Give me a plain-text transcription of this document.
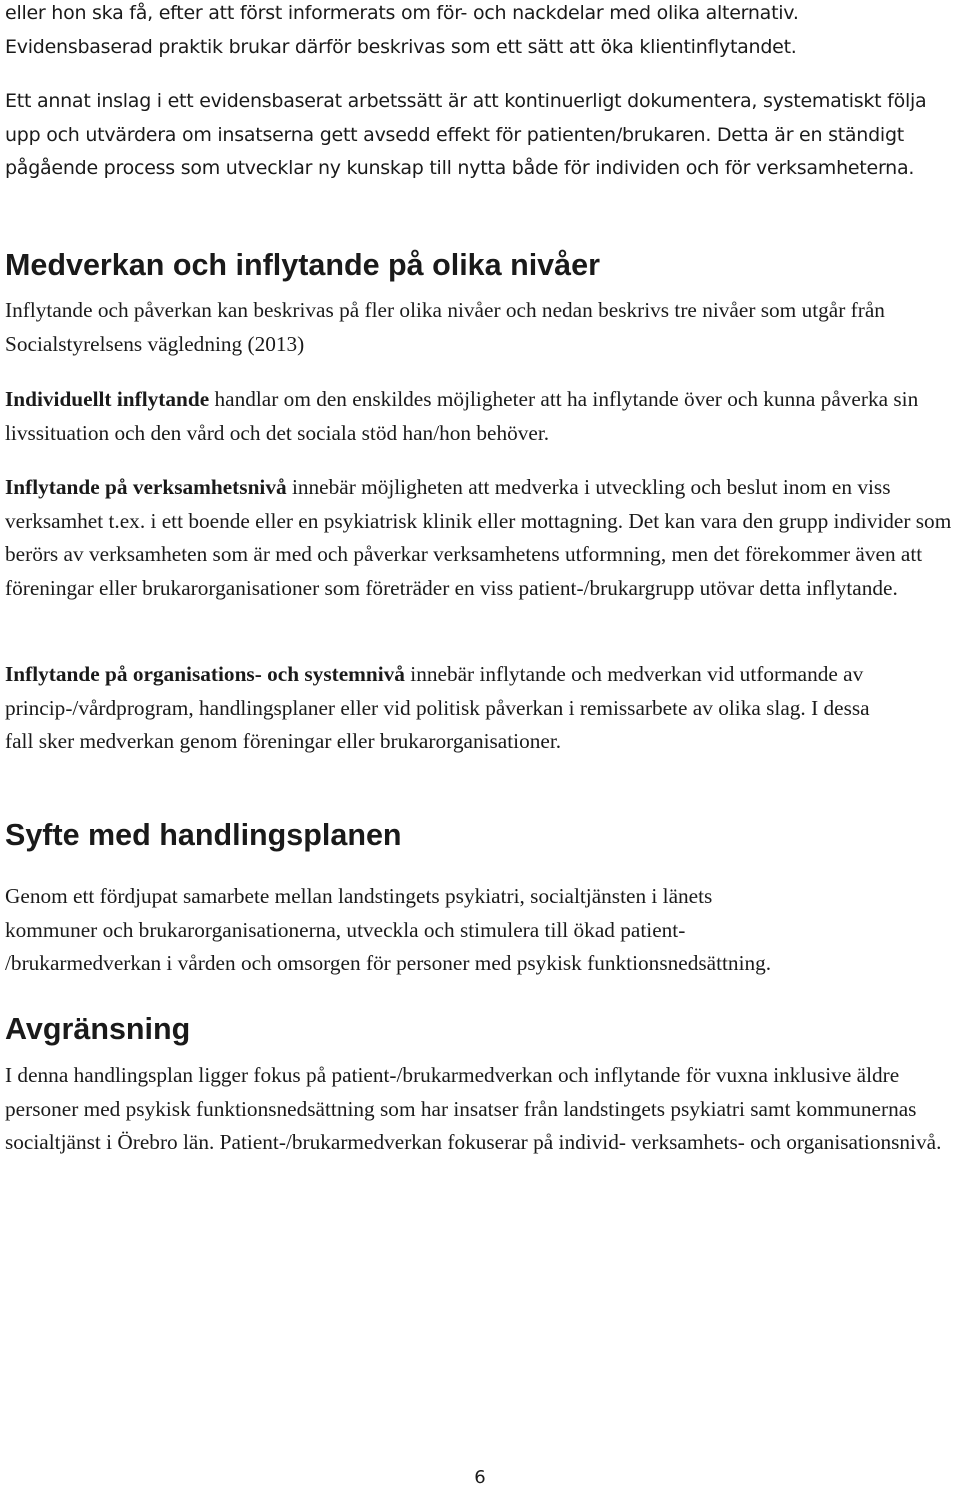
eller hon ska få, efter att först informerats om för- och nackdelar med olika alternativ.

Evidensbaserad praktik brukar därför beskrivas som ett sätt att öka klientinflytandet.

Ett annat inslag i ett evidensbaserat arbetssätt är att kontinuerligt dokumentera, systematiskt följa upp och utvärdera om insatserna gett avsedd effekt för patienten/brukaren. Detta är en ständigt pågående process som utvecklar ny kunskap till nytta både för individen och för verksamheterna.

Medverkan och inflytande på olika nivåer

Inflytande och påverkan kan beskrivas på fler olika nivåer och nedan beskrivs tre nivåer som utgår från Socialstyrelsens vägledning (2013)

Individuellt inflytande handlar om den enskildes möjligheter att ha inflytande över och kunna påverka sin livssituation och den vård och det sociala stöd han/hon behöver.

Inflytande på verksamhetsnivå innebär möjligheten att medverka i utveckling och beslut inom en viss verksamhet t.ex. i ett boende eller en psykiatrisk klinik eller mottagning. Det kan vara den grupp individer som berörs av verksamheten som är med och påverkar verksamhetens utformning, men det förekommer även att föreningar eller brukarorganisationer som företräder en viss patient-/brukargrupp utövar detta inflytande.

Inflytande på organisations- och systemnivå innebär inflytande och medverkan vid utformande av princip-/vårdprogram, handlingsplaner eller vid politisk påverkan i remissarbete av olika slag. I dessa fall sker medverkan genom föreningar eller brukarorganisationer.

Syfte med handlingsplanen

Genom ett fördjupat samarbete mellan landstingets psykiatri, socialtjänsten i länets

kommuner och brukarorganisationerna, utveckla och stimulera till ökad patient-

/brukarmedverkan i vården och omsorgen för personer med psykisk funktionsnedsättning.

Avgränsning

I denna handlingsplan ligger fokus på patient-/brukarmedverkan och inflytande för vuxna inklusive äldre personer med psykisk funktionsnedsättning som har insatser från landstingets psykiatri samt kommunernas socialtjänst i Örebro län. Patient-/brukarmedverkan fokuserar på individ- verksamhets- och organisationsnivå.

6
